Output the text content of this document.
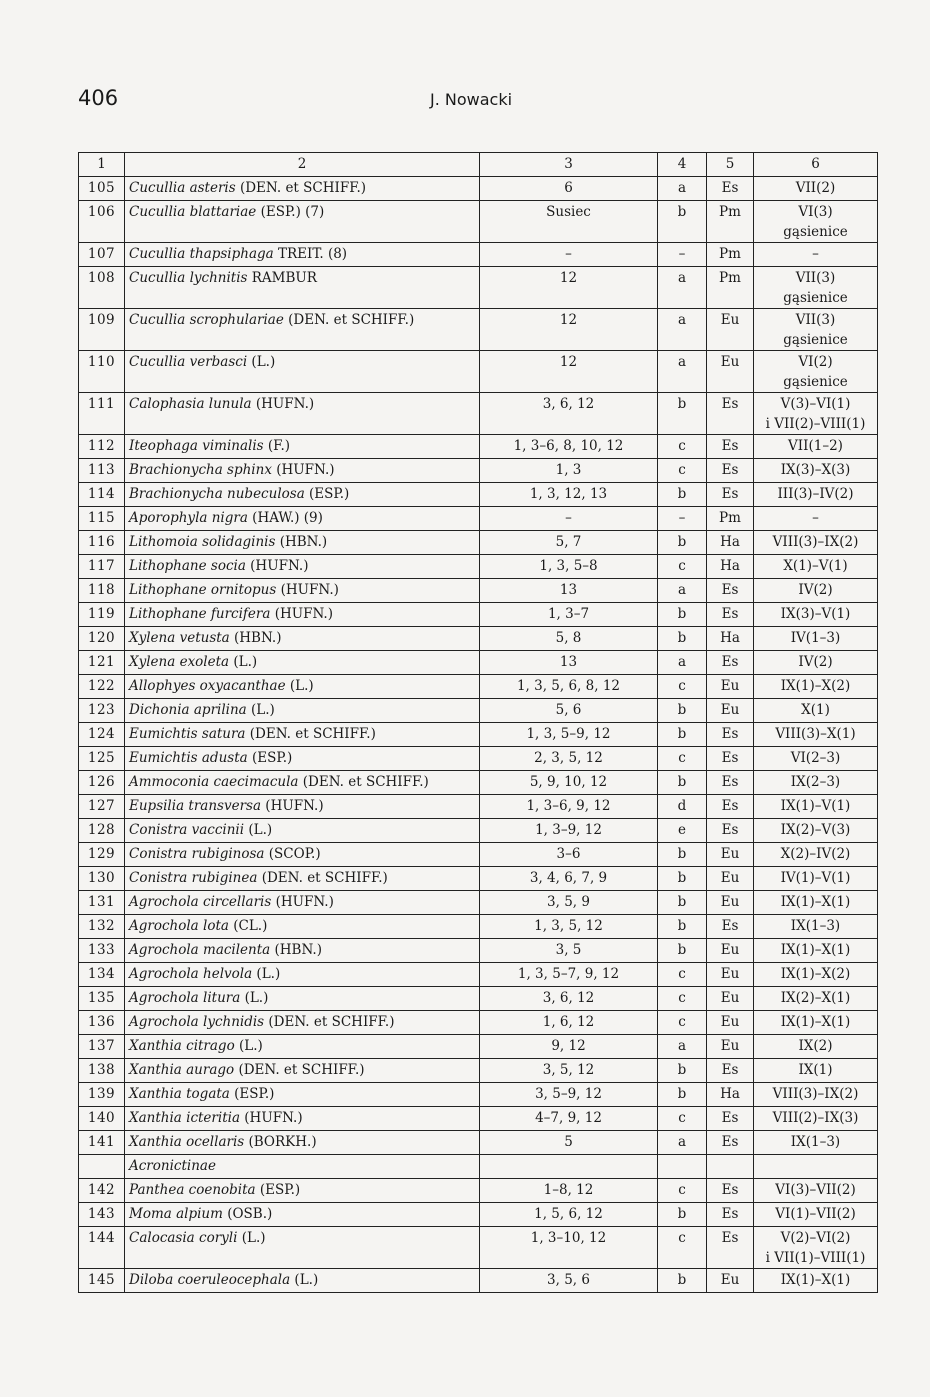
406	J. Nowacki
1	2	3	4	5	6
105	Cucullia asteris (DEN. et SCHIFF.)	6	a	Es	VII(2)

106	Cucullia blattariae (ESP.) (7)	Susiec	b	Pm	VI(3)
gąsienice

107	Cucullia thapsiphaga TREIT. (8)	–	–	Pm	–

108	Cucullia lychnitis RAMBUR	12	a	Pm	VII(3)
gąsienice

109	Cucullia scrophulariae (DEN. et SCHIFF.)	12	a	Eu	VII(3)
gąsienice

110	Cucullia verbasci (L.)	12	a	Eu	VI(2)
gąsienice

111	Calophasia lunula (HUFN.)	3, 6, 12	b	Es	V(3)–VI(1)
i VII(2)–VIII(1)

112	Iteophaga viminalis (F.)	1, 3–6, 8, 10, 12	c	Es	VII(1–2)

113	Brachionycha sphinx (HUFN.)	1, 3	c	Es	IX(3)–X(3)

114	Brachionycha nubeculosa (ESP.)	1, 3, 12, 13	b	Es	III(3)–IV(2)

115	Aporophyla nigra (HAW.) (9)	–	–	Pm	–

116	Lithomoia solidaginis (HBN.)	5, 7	b	Ha	VIII(3)–IX(2)

117	Lithophane socia (HUFN.)	1, 3, 5–8	c	Ha	X(1)–V(1)

118	Lithophane ornitopus (HUFN.)	13	a	Es	IV(2)

119	Lithophane furcifera (HUFN.)	1, 3–7	b	Es	IX(3)–V(1)

120	Xylena vetusta (HBN.)	5, 8	b	Ha	IV(1–3)

121	Xylena exoleta (L.)	13	a	Es	IV(2)

122	Allophyes oxyacanthae (L.)	1, 3, 5, 6, 8, 12	c	Eu	IX(1)–X(2)

123	Dichonia aprilina (L.)	5, 6	b	Eu	X(1)

124	Eumichtis satura (DEN. et SCHIFF.)	1, 3, 5–9, 12	b	Es	VIII(3)–X(1)

125	Eumichtis adusta (ESP.)	2, 3, 5, 12	c	Es	VI(2–3)

126	Ammoconia caecimacula (DEN. et SCHIFF.)	5, 9, 10, 12	b	Es	IX(2–3)

127	Eupsilia transversa (HUFN.)	1, 3–6, 9, 12	d	Es	IX(1)–V(1)

128	Conistra vaccinii (L.)	1, 3–9, 12	e	Es	IX(2)–V(3)

129	Conistra rubiginosa (SCOP.)	3–6	b	Eu	X(2)–IV(2)

130	Conistra rubiginea (DEN. et SCHIFF.)	3, 4, 6, 7, 9	b	Eu	IV(1)–V(1)

131	Agrochola circellaris (HUFN.)	3, 5, 9	b	Eu	IX(1)–X(1)

132	Agrochola lota (CL.)	1, 3, 5, 12	b	Es	IX(1–3)

133	Agrochola macilenta (HBN.)	3, 5	b	Eu	IX(1)–X(1)

134	Agrochola helvola (L.)	1, 3, 5–7, 9, 12	c	Eu	IX(1)–X(2)

135	Agrochola litura (L.)	3, 6, 12	c	Eu	IX(2)–X(1)

136	Agrochola lychnidis (DEN. et SCHIFF.)	1, 6, 12	c	Eu	IX(1)–X(1)

137	Xanthia citrago (L.)	9, 12	a	Eu	IX(2)

138	Xanthia aurago (DEN. et SCHIFF.)	3, 5, 12	b	Es	IX(1)

139	Xanthia togata (ESP.)	3, 5–9, 12	b	Ha	VIII(3)–IX(2)

140	Xanthia icteritia (HUFN.)	4–7, 9, 12	c	Es	VIII(2)–IX(3)

141	Xanthia ocellaris (BORKH.)	5	a	Es	IX(1–3)

	Acronictinae				

142	Panthea coenobita (ESP.)	1–8, 12	c	Es	VI(3)–VII(2)

143	Moma alpium (OSB.)	1, 5, 6, 12	b	Es	VI(1)–VII(2)

144	Calocasia coryli (L.)	1, 3–10, 12	c	Es	V(2)–VI(2)
i VII(1)–VIII(1)

145	Diloba coeruleocephala (L.)	3, 5, 6	b	Eu	IX(1)–X(1)
